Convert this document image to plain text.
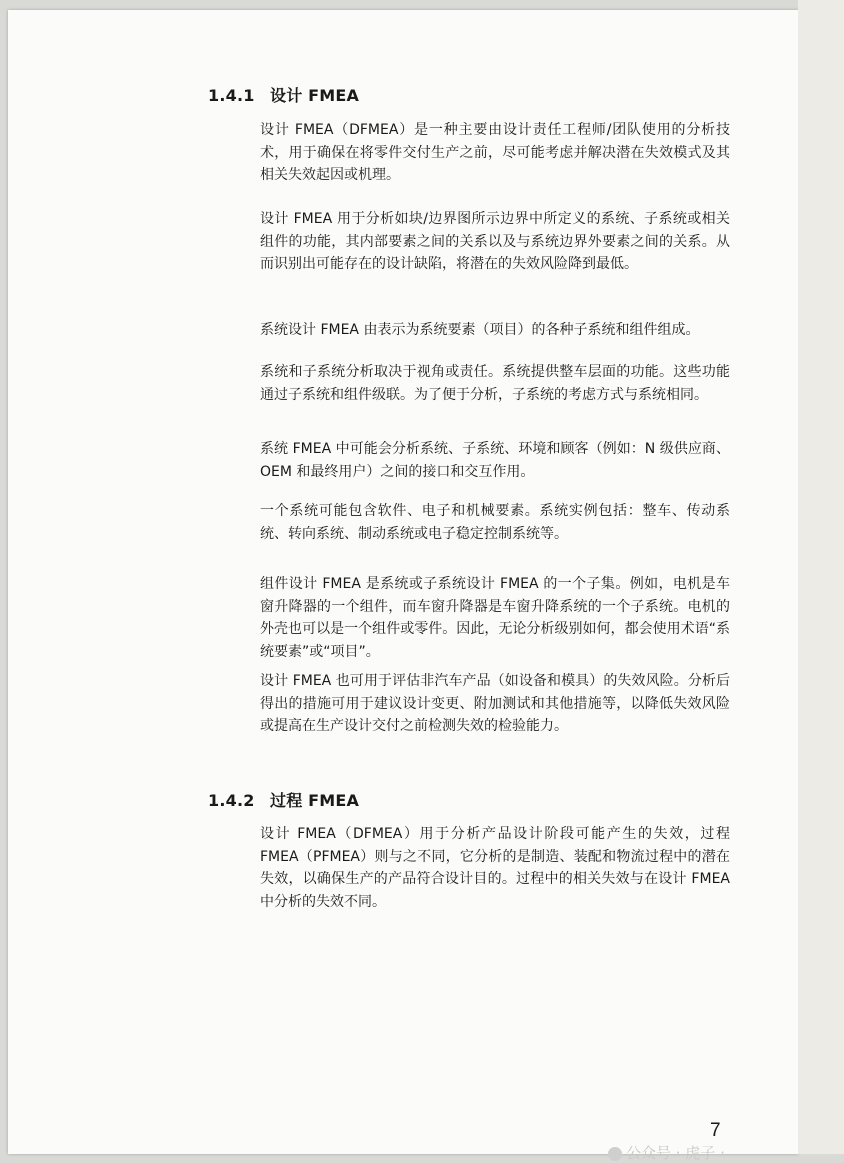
1.4.1 设计 FMEA

设计 FMEA（DFMEA）是一种主要由设计责任工程师/团队使用的分析技术，用于确保在将零件交付生产之前，尽可能考虑并解决潜在失效模式及其相关失效起因或机理。

设计 FMEA 用于分析如块/边界图所示边界中所定义的系统、子系统或相关组件的功能，其内部要素之间的关系以及与系统边界外要素之间的关系。从而识别出可能存在的设计缺陷，将潜在的失效风险降到最低。

系统设计 FMEA 由表示为系统要素（项目）的各种子系统和组件组成。

系统和子系统分析取决于视角或责任。系统提供整车层面的功能。这些功能通过子系统和组件级联。为了便于分析，子系统的考虑方式与系统相同。

系统 FMEA 中可能会分析系统、子系统、环境和顾客（例如：N 级供应商、OEM 和最终用户）之间的接口和交互作用。

一个系统可能包含软件、电子和机械要素。系统实例包括：整车、传动系统、转向系统、制动系统或电子稳定控制系统等。

组件设计 FMEA 是系统或子系统设计 FMEA 的一个子集。例如，电机是车窗升降器的一个组件，而车窗升降器是车窗升降系统的一个子系统。电机的外壳也可以是一个组件或零件。因此，无论分析级别如何，都会使用术语“系统要素”或“项目”。

设计 FMEA 也可用于评估非汽车产品（如设备和模具）的失效风险。分析后得出的措施可用于建议设计变更、附加测试和其他措施等，以降低失效风险或提高在生产设计交付之前检测失效的检验能力。

1.4.2 过程 FMEA

设计 FMEA（DFMEA）用于分析产品设计阶段可能产生的失效，过程 FMEA（PFMEA）则与之不同，它分析的是制造、装配和物流过程中的潜在失效，以确保生产的产品符合设计目的。过程中的相关失效与在设计 FMEA 中分析的失效不同。

7
公众号 · 虎子 ·
